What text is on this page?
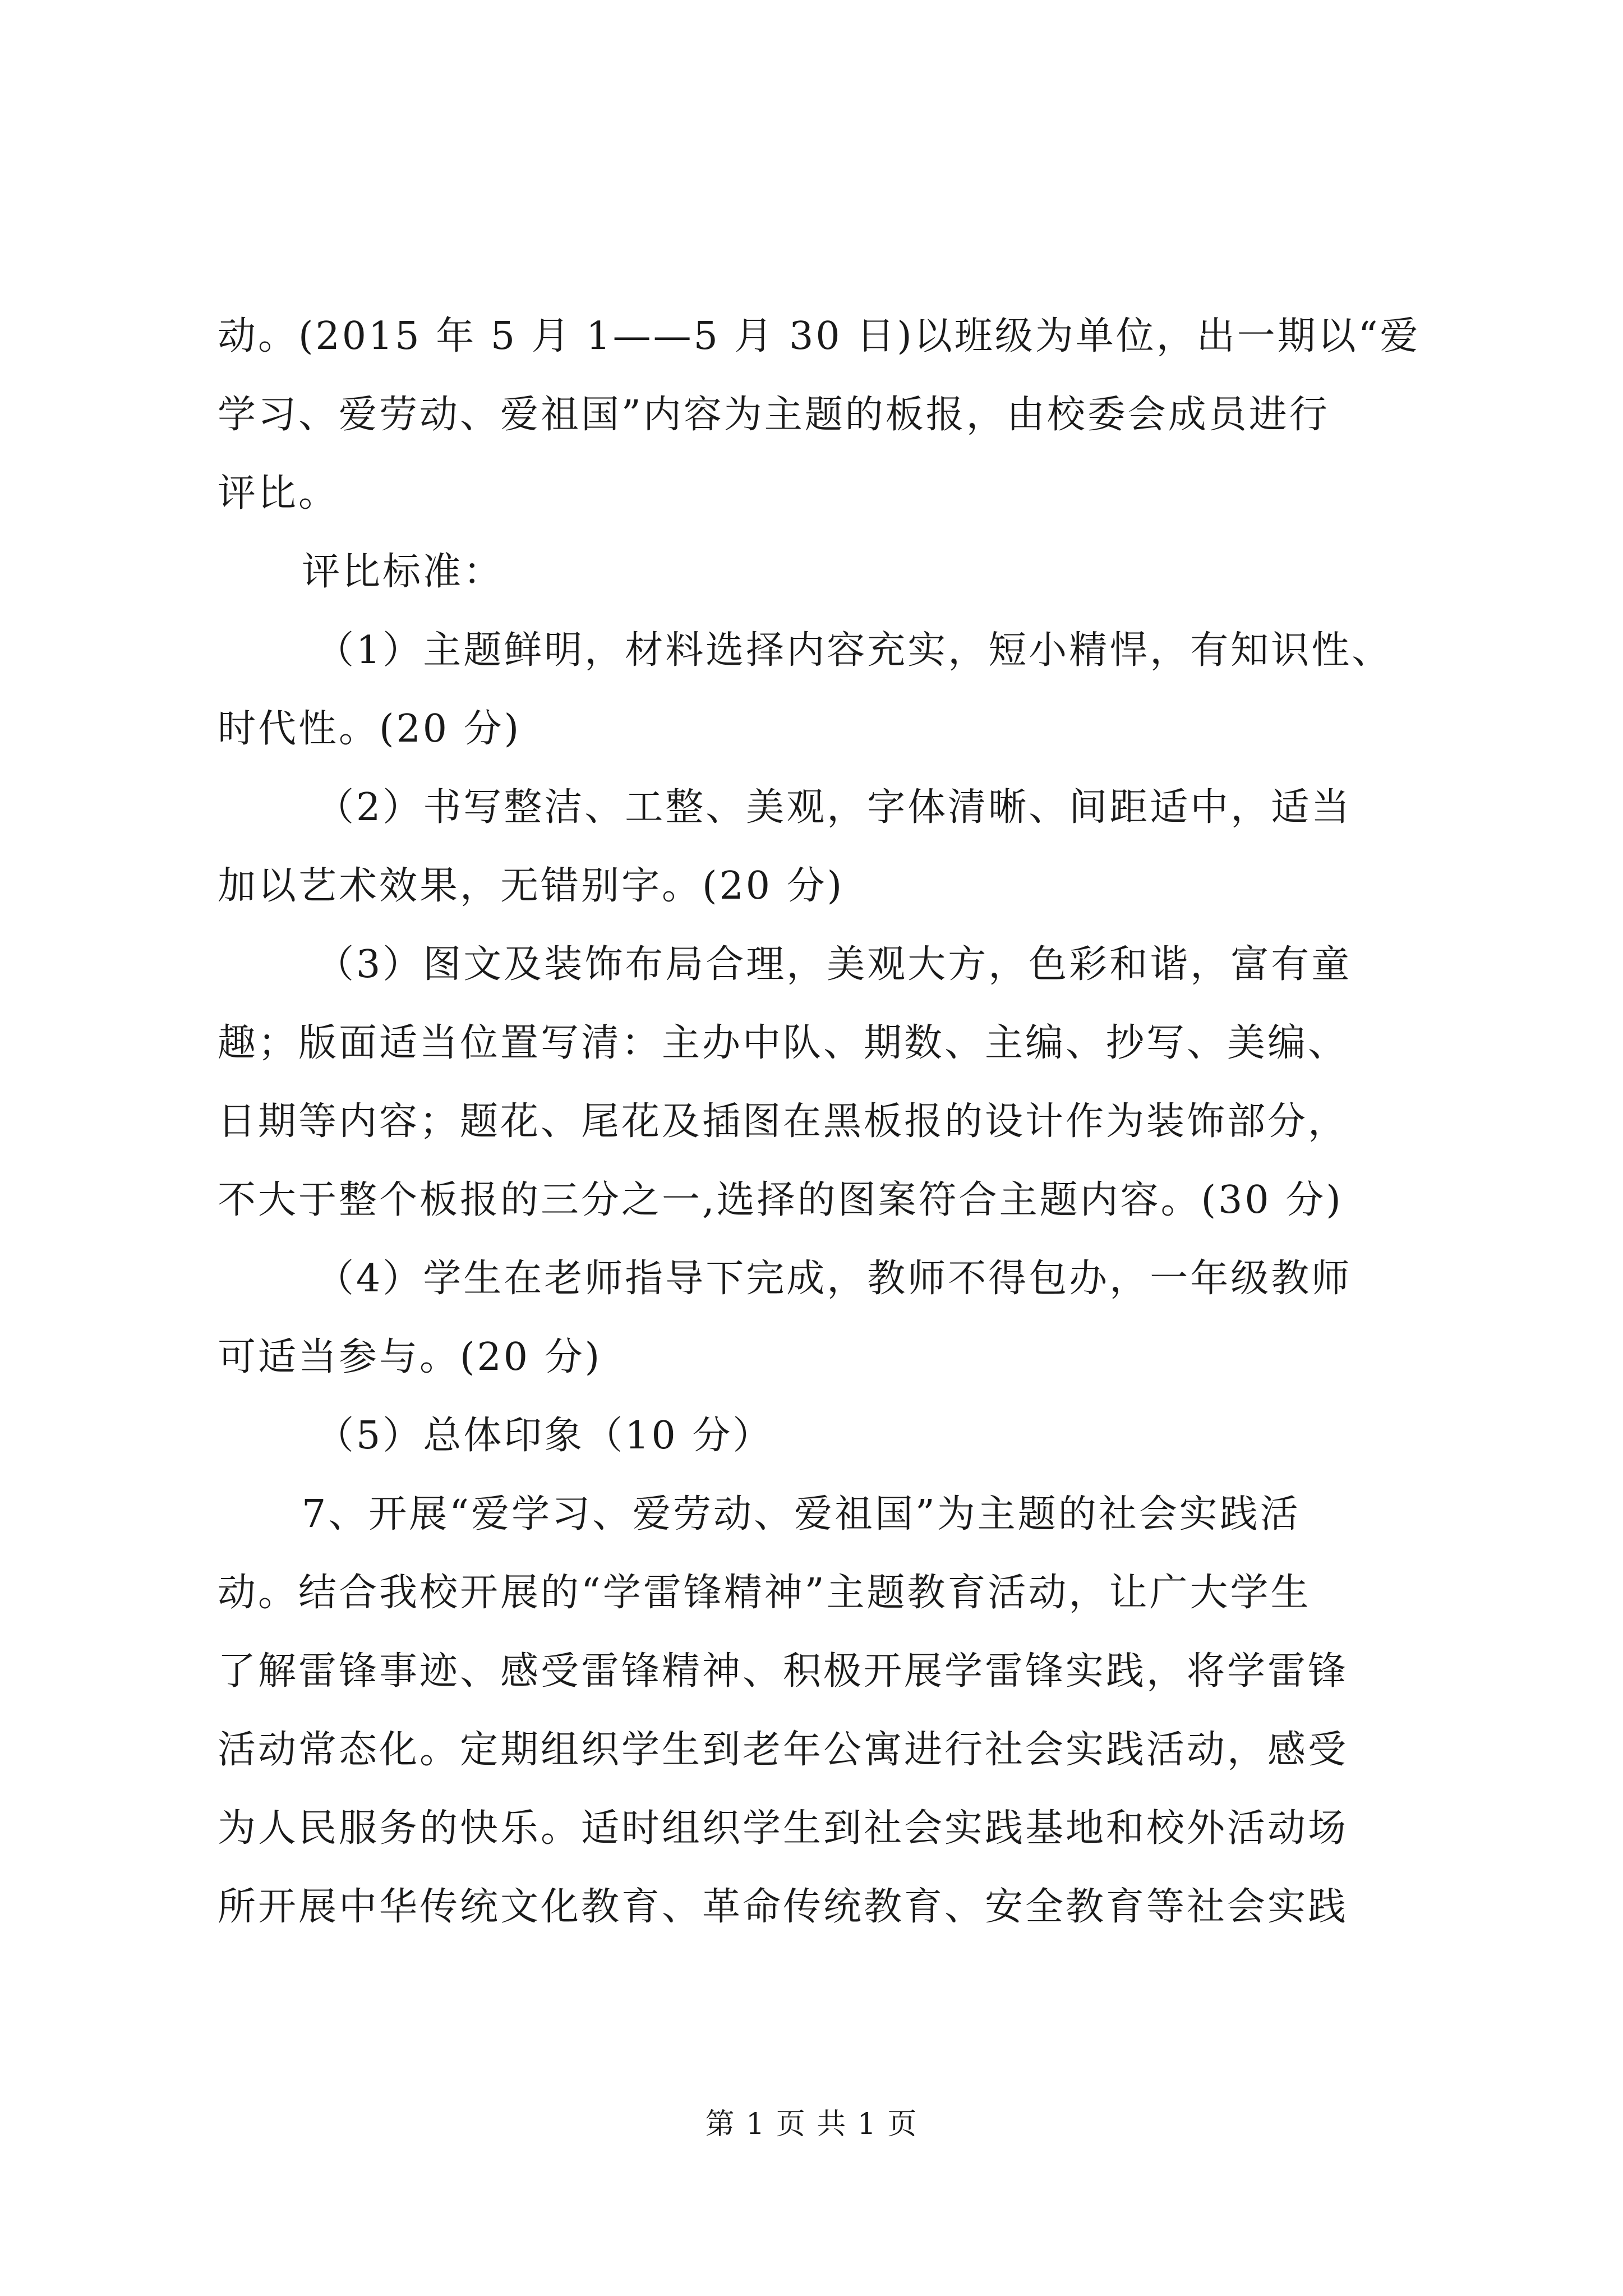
动。(2015 年 5 月 1——5 月 30 日)以班级为单位，出一期以“爱
学习、爱劳动、爱祖国”内容为主题的板报，由校委会成员进行
评比。
评比标准：
（1）主题鲜明，材料选择内容充实，短小精悍，有知识性、
时代性。(20 分)
（2）书写整洁、工整、美观，字体清晰、间距适中，适当
加以艺术效果，无错别字。(20 分)
（3）图文及装饰布局合理，美观大方，色彩和谐，富有童
趣；版面适当位置写清：主办中队、期数、主编、抄写、美编、
日期等内容；题花、尾花及插图在黑板报的设计作为装饰部分，
不大于整个板报的三分之一,选择的图案符合主题内容。(30 分)
（4）学生在老师指导下完成，教师不得包办，一年级教师
可适当参与。(20 分)
（5）总体印象（10 分）
7、开展“爱学习、爱劳动、爱祖国”为主题的社会实践活
动。结合我校开展的“学雷锋精神”主题教育活动，让广大学生
了解雷锋事迹、感受雷锋精神、积极开展学雷锋实践，将学雷锋
活动常态化。定期组织学生到老年公寓进行社会实践活动，感受
为人民服务的快乐。适时组织学生到社会实践基地和校外活动场
所开展中华传统文化教育、革命传统教育、安全教育等社会实践
第 1 页 共 1 页
